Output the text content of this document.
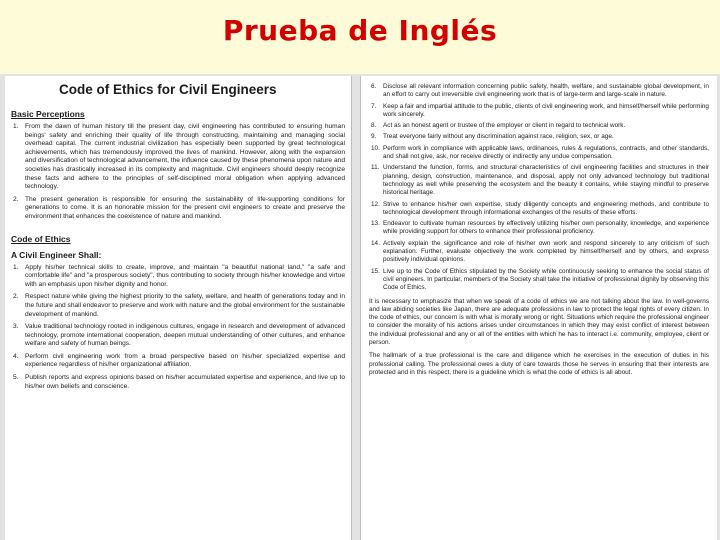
Prueba de Inglés
Code of Ethics for Civil Engineers
Basic Perceptions
1. From the dawn of human history till the present day, civil engineering has contributed to ensuring human beings' safety and enriching their quality of life through constructing, maintaining and managing social overhead capital. The current industrial civilization has especially been supported by great technological achievements, which has tremendously improved the lives of mankind. However, along with the expansion and diversification of technological advancement, the influence caused by these phenomena upon nature and societies has drastically increased in its complexity and magnitude. Civil engineers should deeply recognize these facts and adhere to the principles of self-disciplined moral obligation when applying advanced technology.
2. The present generation is responsible for ensuring the sustainability of life-supporting conditions for generations to come. It is an honorable mission for the present civil engineers to create and preserve the environment that enhances the coexistence of nature and mankind.
Code of Ethics
A Civil Engineer Shall:
1. Apply his/her technical skills to create, improve, and maintain "a beautiful national land," "a safe and comfortable life" and "a prosperous society", thus contributing to society through his/her knowledge and virtue with an emphasis upon his/her dignity and honor.
2. Respect nature while giving the highest priority to the safety, welfare, and health of generations today and in the future and shall endeavor to preserve and work with nature and the global environment for the sustainable development of mankind.
3. Value traditional technology rooted in indigenous cultures, engage in research and development of advanced technology, promote international cooperation, deepen mutual understanding of other cultures, and enhance welfare and safety of human beings.
4. Perform civil engineering work from a broad perspective based on his/her specialized expertise and experience regardless of his/her organizational affiliation.
5. Publish reports and express opinions based on his/her accumulated expertise and experience, and live up to his/her own beliefs and conscience.
6. Disclose all relevant information concerning public safety, health, welfare, and sustainable global development, in an effort to carry out irreversible civil engineering work that is of large-term and large-scale in nature.
7. Keep a fair and impartial attitude to the public, clients of civil engineering work, and himself/herself while performing work sincerely.
8. Act as an honest agent or trustee of the employer or client in regard to technical work.
9. Treat everyone fairly without any discrimination against race, religion, sex, or age.
10. Perform work in compliance with applicable laws, ordinances, rules & regulations, contracts, and other standards, and shall not give, ask, nor receive directly or indirectly any undue compensation.
11. Understand the function, forms, and structural characteristics of civil engineering facilities and structures in their planning, design, construction, maintenance, and disposal, apply not only advanced technology but traditional technology as well while preserving the ecosystem and the beauty it contains, while staying mindful to preserve historical heritage.
12. Strive to enhance his/her own expertise, study diligently concepts and engineering methods, and contribute to technological development through informational exchanges of the results of these efforts.
13. Endeavor to cultivate human resources by effectively utilizing his/her own personality, knowledge, and experience while providing support for others to enhance their professional proficiency.
14. Actively explain the significance and role of his/her own work and respond sincerely to any criticism of such explanation. Further, evaluate objectively the work completed by himself/herself and by others, and express positively individual opinions.
15. Live up to the Code of Ethics stipulated by the Society while continuously seeking to enhance the social status of civil engineers. In particular, members of the Society shall take the initiative of professional dignity by observing this Code of Ethics.
It is necessary to emphasize that when we speak of a code of ethics we are not talking about the law. In well-governs and law abiding societies like Japan, there are adequate professions in law to protect the legal rights of every citizen. In the code of ethics, our concern is with what is morally wrong or right. Situations which require the professional engineer to consider the morality of his actions arises under circumstances in which they may exist conflict of interest between the individual professional and any or all of the entities with which he has to interact i.e. community, employee, client or person.
The hallmark of a true professional is the care and diligence which he exercises in the execution of duties in his professional calling. The professional owes a duty of care towards those he serves in ensuring that their interests are protected and in this respect, there is a guideline which is what the code of ethics is all about.
